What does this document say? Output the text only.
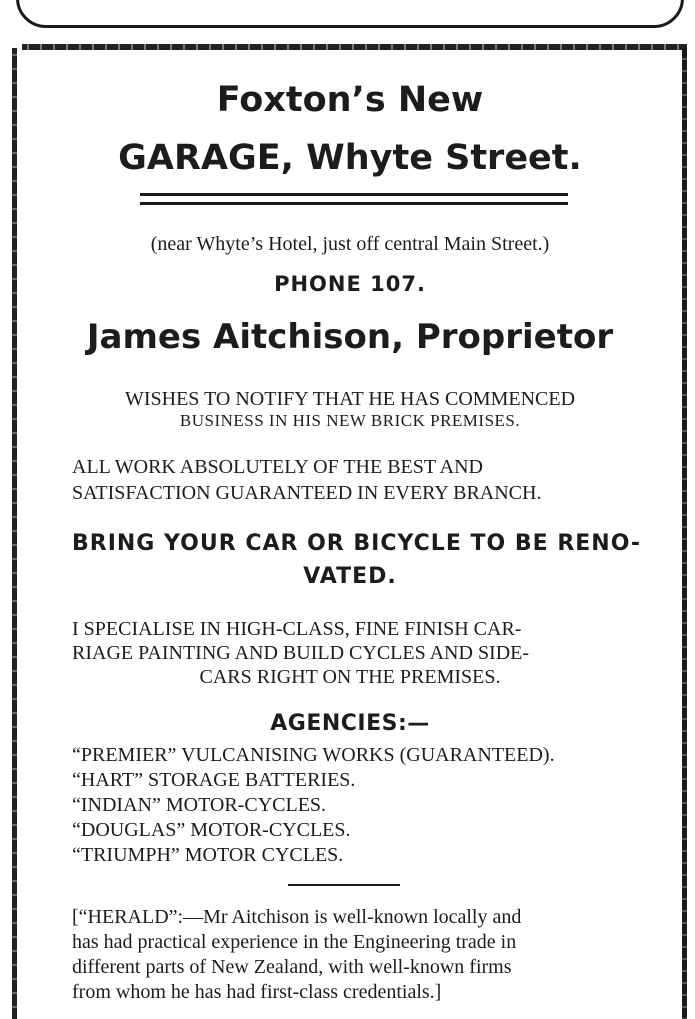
Foxton’s New
GARAGE, Whyte Street.
(near Whyte’s Hotel, just off central Main Street.)
PHONE 107.
James Aitchison, Proprietor
WISHES TO NOTIFY THAT HE HAS COMMENCED
BUSINESS IN HIS NEW BRICK PREMISES.
ALL WORK ABSOLUTELY OF THE BEST AND
SATISFACTION GUARANTEED IN EVERY BRANCH.
BRING YOUR CAR OR BICYCLE TO BE RENO-
VATED.
I SPECIALISE IN HIGH-CLASS, FINE FINISH CAR-
RIAGE PAINTING AND BUILD CYCLES AND SIDE-
CARS RIGHT ON THE PREMISES.
AGENCIES:—
“PREMIER” VULCANISING WORKS (GUARANTEED).
“HART” STORAGE BATTERIES.
“INDIAN” MOTOR-CYCLES.
“DOUGLAS” MOTOR-CYCLES.
“TRIUMPH” MOTOR CYCLES.
[“HERALD”:—Mr Aitchison is well-known locally and
has had practical experience in the Engineering trade in
different parts of New Zealand, with well-known firms
from whom he has had first-class credentials.]
